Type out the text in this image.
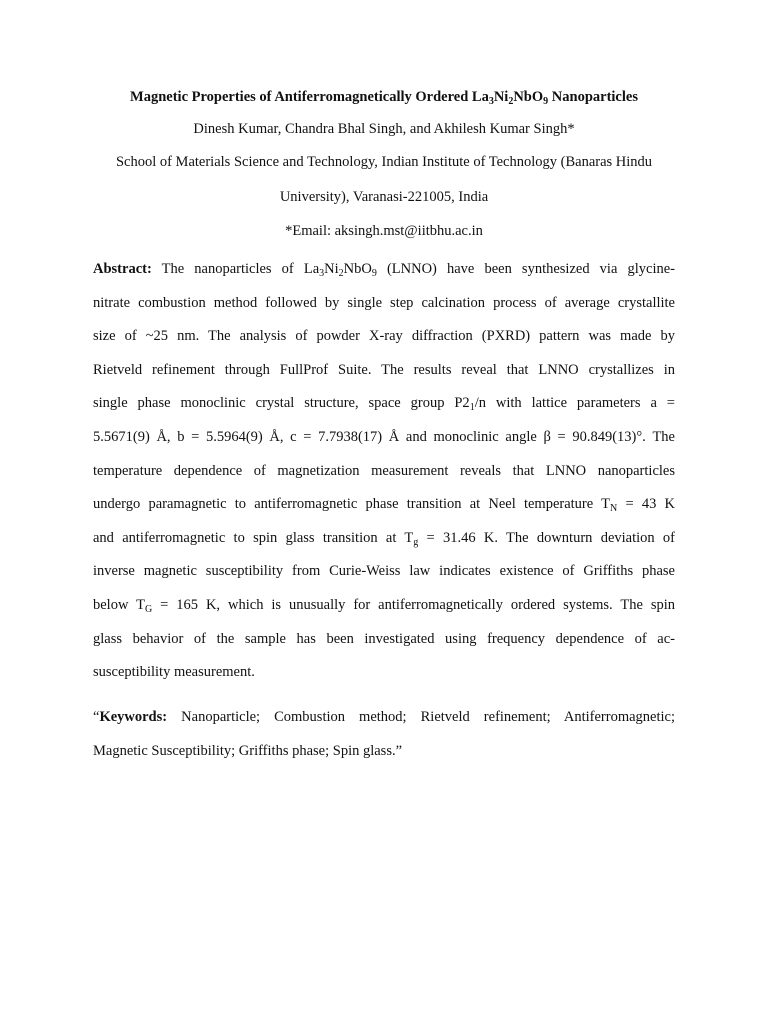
Magnetic Properties of Antiferromagnetically Ordered $La_3Ni_2NbO_9$ Nanoparticles
Dinesh Kumar, Chandra Bhal Singh, and Akhilesh Kumar Singh*
School of Materials Science and Technology, Indian Institute of Technology (Banaras Hindu
University), Varanasi-221005, India
*Email: aksingh.mst@iitbhu.ac.in
Abstract: The nanoparticles of $La_3Ni_2NbO_9$ (LNNO) have been synthesized via glycine-
nitrate combustion method followed by single step calcination process of average crystallite
size of ~25 nm. The analysis of powder X-ray diffraction (PXRD) pattern was made by
Rietveld refinement through FullProf Suite. The results reveal that LNNO crystallizes in
single phase monoclinic crystal structure, space group $P2_1/n$ with lattice parameters a =
5.5671(9) Å, b = 5.5964(9) Å, c = 7.7938(17) Å and monoclinic angle β = 90.849(13)°. The
temperature dependence of magnetization measurement reveals that LNNO nanoparticles
undergo paramagnetic to antiferromagnetic phase transition at Neel temperature $T_N = 43$ K
and antiferromagnetic to spin glass transition at $T_g = 31.46$ K. The downturn deviation of
inverse magnetic susceptibility from Curie-Weiss law indicates existence of Griffiths phase
below $T_G = 165$ K, which is unusually for antiferromagnetically ordered systems. The spin
glass behavior of the sample has been investigated using frequency dependence of ac-
susceptibility measurement.
“Keywords: Nanoparticle; Combustion method; Rietveld refinement; Antiferromagnetic;
Magnetic Susceptibility; Griffiths phase; Spin glass.”
